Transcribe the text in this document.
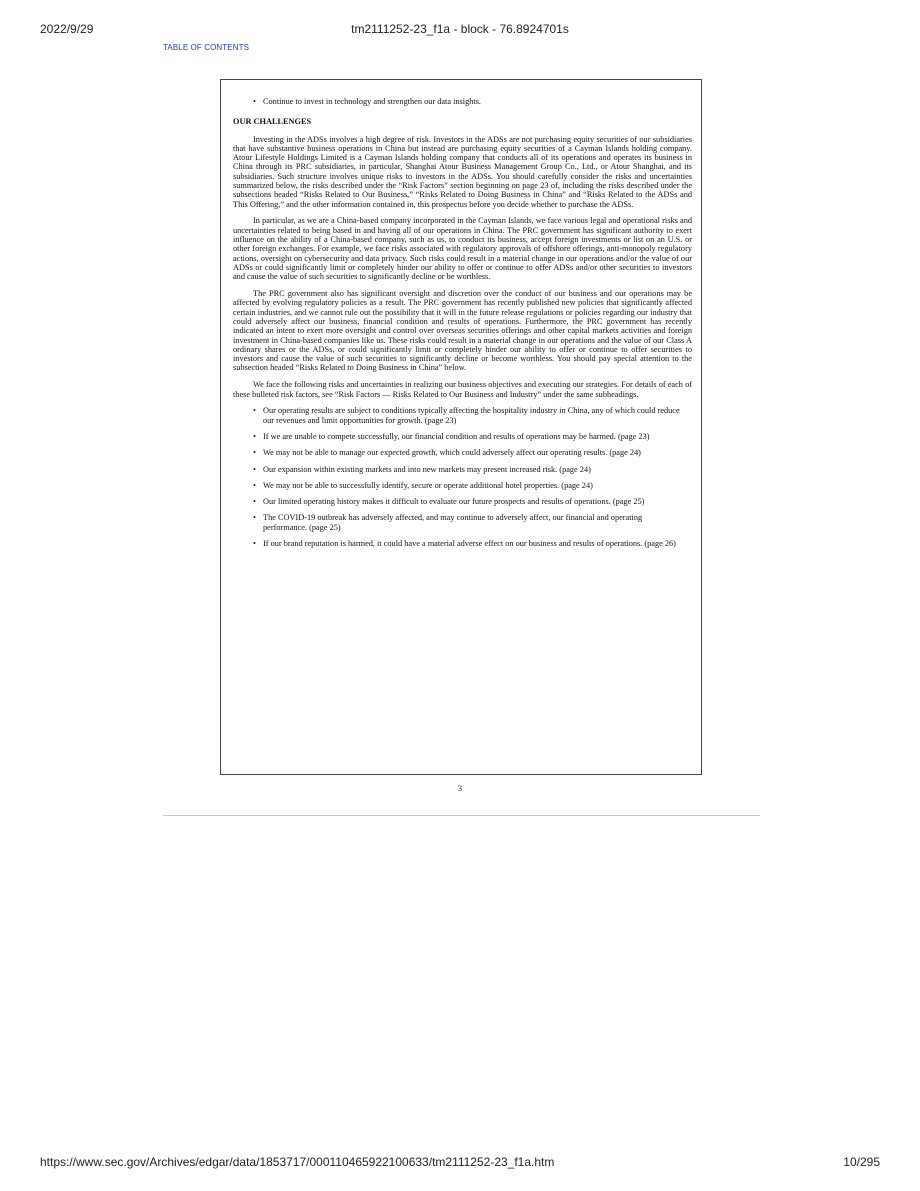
2022/9/29	tm2111252-23_f1a - block - 76.8924701s
TABLE OF CONTENTS
• Continue to invest in technology and strengthen our data insights.
OUR CHALLENGES

Investing in the ADSs involves a high degree of risk. Investors in the ADSs are not purchasing equity securities of our subsidiaries that have substantive business operations in China but instead are purchasing equity securities of a Cayman Islands holding company. Atour Lifestyle Holdings Limited is a Cayman Islands holding company that conducts all of its operations and operates its business in China through its PRC subsidiaries, in particular, Shanghai Atour Business Management Group Co., Ltd., or Atour Shanghai, and its subsidiaries. Such structure involves unique risks to investors in the ADSs. You should carefully consider the risks and uncertainties summarized below, the risks described under the “Risk Factors” section beginning on page 23 of, including the risks described under the subsections headed “Risks Related to Our Business,” “Risks Related to Doing Business in China” and “Risks Related to the ADSs and This Offering,” and the other information contained in, this prospectus before you decide whether to purchase the ADSs.

In particular, as we are a China-based company incorporated in the Cayman Islands, we face various legal and operational risks and uncertainties related to being based in and having all of our operations in China. The PRC government has significant authority to exert influence on the ability of a China-based company, such as us, to conduct its business, accept foreign investments or list on an U.S. or other foreign exchanges. For example, we face risks associated with regulatory approvals of offshore offerings, anti-monopoly regulatory actions, oversight on cybersecurity and data privacy. Such risks could result in a material change in our operations and/or the value of our ADSs or could significantly limit or completely hinder our ability to offer or continue to offer ADSs and/or other securities to investors and cause the value of such securities to significantly decline or be worthless.

The PRC government also has significant oversight and discretion over the conduct of our business and our operations may be affected by evolving regulatory policies as a result. The PRC government has recently published new policies that significantly affected certain industries, and we cannot rule out the possibility that it will in the future release regulations or policies regarding our industry that could adversely affect our business, financial condition and results of operations. Furthermore, the PRC government has recently indicated an intent to exert more oversight and control over overseas securities offerings and other capital markets activities and foreign investment in China-based companies like us. These risks could result in a material change in our operations and the value of our Class A ordinary shares or the ADSs, or could significantly limit or completely hinder our ability to offer or continue to offer securities to investors and cause the value of such securities to significantly decline or become worthless. You should pay special attention to the subsection headed “Risks Related to Doing Business in China” below.

We face the following risks and uncertainties in realizing our business objectives and executing our strategies. For details of each of these bulleted risk factors, see “Risk Factors — Risks Related to Our Business and Industry” under the same subheadings.

• Our operating results are subject to conditions typically affecting the hospitality industry in China, any of which could reduce our revenues and limit opportunities for growth. (page 23)
• If we are unable to compete successfully, our financial condition and results of operations may be harmed. (page 23)
• We may not be able to manage our expected growth, which could adversely affect our operating results. (page 24)
• Our expansion within existing markets and into new markets may present increased risk. (page 24)
• We may not be able to successfully identify, secure or operate additional hotel properties. (page 24)
• Our limited operating history makes it difficult to evaluate our future prospects and results of operations. (page 25)
• The COVID-19 outbreak has adversely affected, and may continue to adversely affect, our financial and operating performance. (page 25)
• If our brand reputation is harmed, it could have a material adverse effect on our business and results of operations. (page 26)
3
https://www.sec.gov/Archives/edgar/data/1853717/000110465922100633/tm2111252-23_f1a.htm	10/295
